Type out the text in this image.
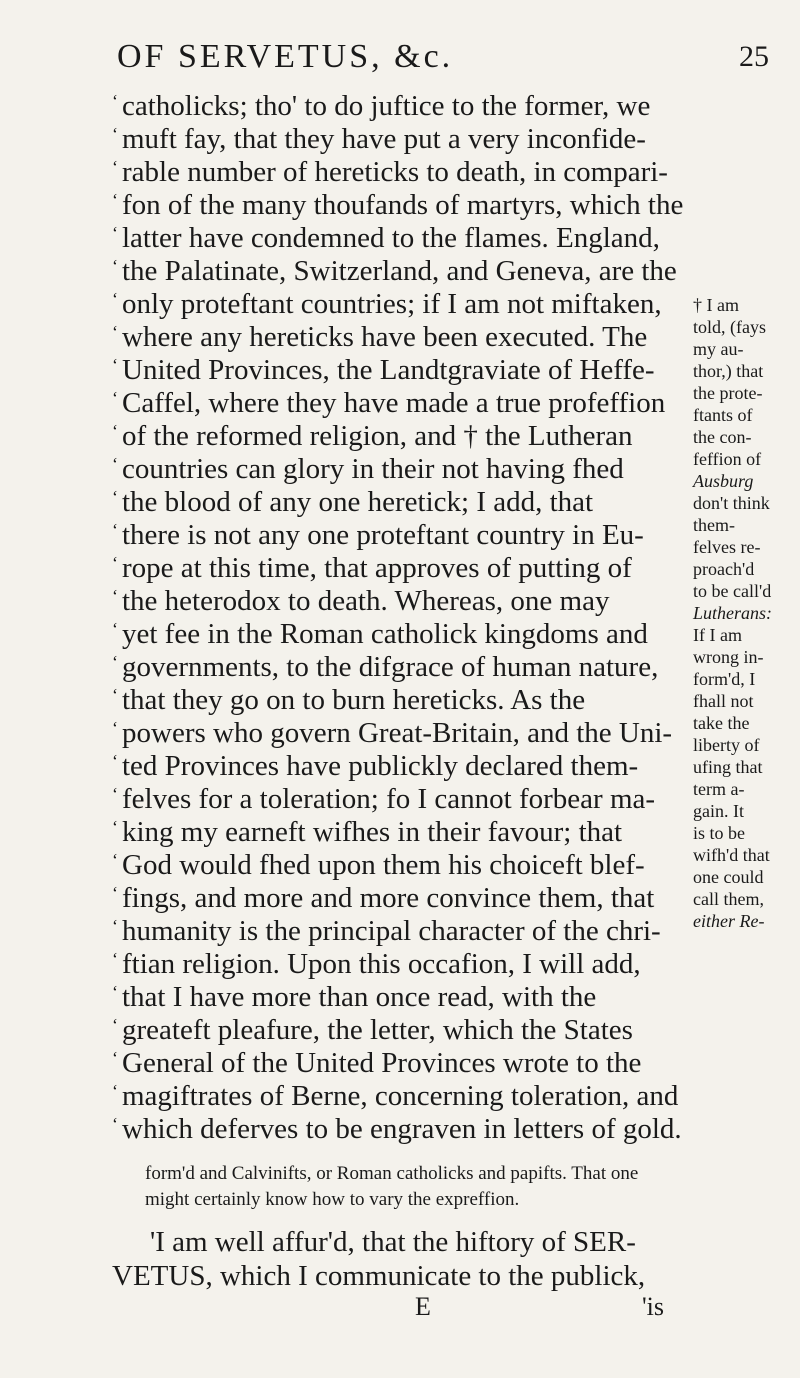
OF SERVETUS, &c.	25
‘ catholicks; tho' to do juftice to the former, we
‘ muft fay, that they have put a very inconfide-
‘ rable number of hereticks to death, in compari-
‘ fon of the many thoufands of martyrs, which the
‘ latter have condemned to the flames. England,
‘ the Palatinate, Switzerland, and Geneva, are the
‘ only proteftant countries; if I am not miftaken,
‘ where any hereticks have been executed. The
‘ United Provinces, the Landtgraviate of Heffe-
‘ Caffel, where they have made a true profeffion
‘ of the reformed religion, and † the Lutheran
‘ countries can glory in their not having fhed
‘ the blood of any one heretick; I add, that
‘ there is not any one proteftant country in Eu-
‘ rope at this time, that approves of putting of
‘ the heterodox to death. Whereas, one may
‘ yet fee in the Roman catholick kingdoms and
‘ governments, to the difgrace of human nature,
‘ that they go on to burn hereticks. As the
‘ powers who govern Great-Britain, and the Uni-
‘ ted Provinces have publickly declared them-
‘ felves for a toleration; fo I cannot forbear ma-
‘ king my earneft wifhes in their favour; that
‘ God would fhed upon them his choiceft blef-
‘ fings, and more and more convince them, that
‘ humanity is the principal character of the chri-
‘ ftian religion. Upon this occafion, I will add,
‘ that I have more than once read, with the
‘ greateft pleafure, the letter, which the States
‘ General of the United Provinces wrote to the
‘ magiftrates of Berne, concerning toleration, and
‘ which deferves to be engraven in letters of gold.
† I am
told, (fays
my au-
thor,) that
the prote-
ftants of
the con-
feffion of
Ausburg
don't think
them-
felves re-
proach'd
to be call'd
Lutherans:
If I am
wrong in-
form'd, I
fhall not
take the
liberty of
ufing that
term a-
gain. It
is to be
wifh'd that
one could
call them,
either Re-
form'd and Calvinifts, or Roman catholicks and papifts. That one
might certainly know how to vary the expreffion.
'I am well affur'd, that the hiftory of SER-
VETUS, which I communicate to the publick,
E	'is
